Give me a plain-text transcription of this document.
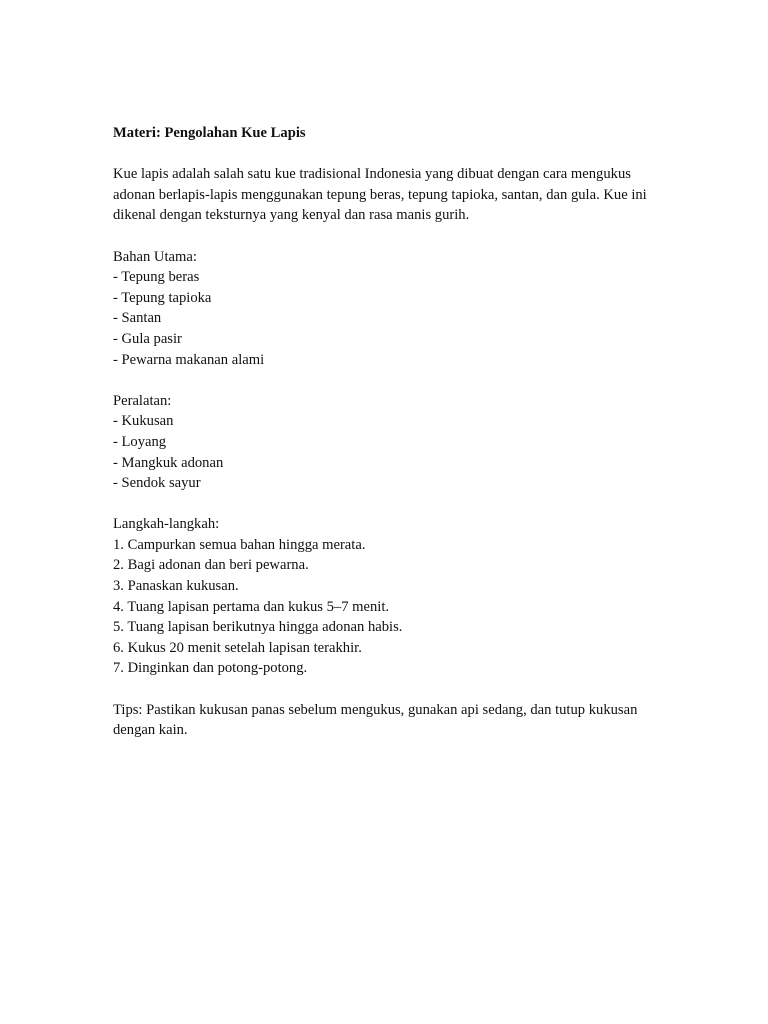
Materi: Pengolahan Kue Lapis

Kue lapis adalah salah satu kue tradisional Indonesia yang dibuat dengan cara mengukus adonan berlapis-lapis menggunakan tepung beras, tepung tapioka, santan, dan gula. Kue ini dikenal dengan teksturnya yang kenyal dan rasa manis gurih.

Bahan Utama:
- Tepung beras
- Tepung tapioka
- Santan
- Gula pasir
- Pewarna makanan alami
Peralatan:
- Kukusan
- Loyang
- Mangkuk adonan
- Sendok sayur
Langkah-langkah:
1. Campurkan semua bahan hingga merata.
2. Bagi adonan dan beri pewarna.
3. Panaskan kukusan.
4. Tuang lapisan pertama dan kukus 5–7 menit.
5. Tuang lapisan berikutnya hingga adonan habis.
6. Kukus 20 menit setelah lapisan terakhir.
7. Dinginkan dan potong-potong.

Tips: Pastikan kukusan panas sebelum mengukus, gunakan api sedang, dan tutup kukusan dengan kain.
